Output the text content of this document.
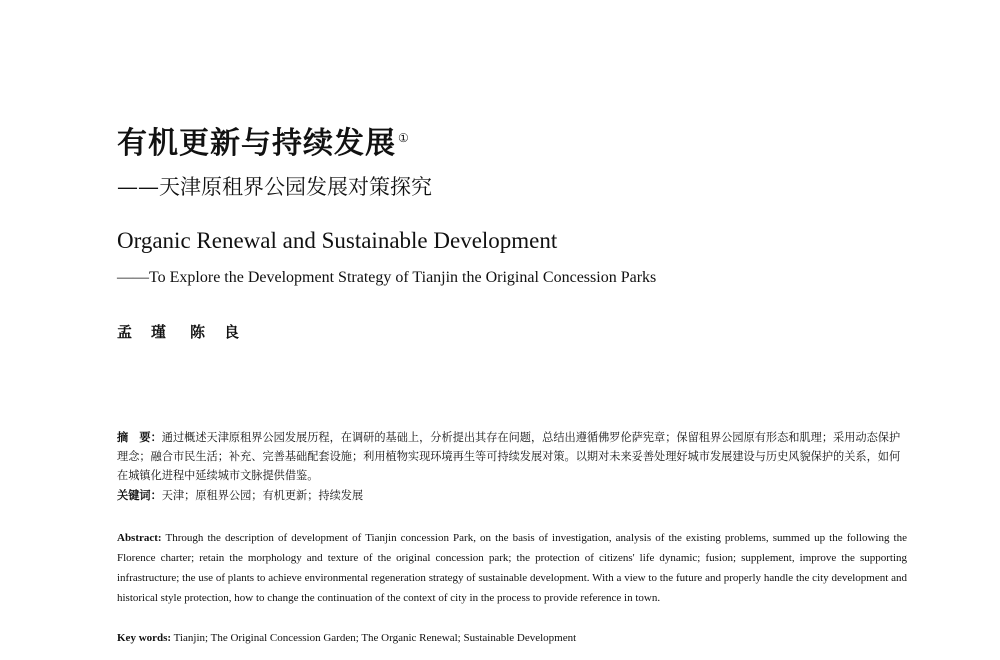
有机更新与持续发展 ①
——天津原租界公园发展对策探究
Organic Renewal and Sustainable Development
——To Explore the Development Strategy of Tianjin the Original Concession Parks
孟　瑾 陈　良
摘　要：通过概述天津原租界公园发展历程，在调研的基础上，分析提出其存在问题，总结出遵循佛罗伦萨宪章；保留租界公园原有形态和肌理；采用动态保护理念；融合市民生活；补充、完善基础配套设施；利用植物实现环境再生等可持续发展对策。以期对未来妥善处理好城市发展建设与历史风貌保护的关系，如何在城镇化进程中延续城市文脉提供借鉴。
关键词：天津；原租界公园；有机更新；持续发展
Abstract: Through the description of development of Tianjin concession Park, on the basis of investigation, analysis of the existing problems, summed up the following the Florence charter; retain the morphology and texture of the original concession park; the protection of citizens' life dynamic; fusion; supplement, improve the supporting infrastructure; the use of plants to achieve environmental regeneration strategy of sustainable development. With a view to the future and properly handle the city development and historical style protection, how to change the continuation of the context of city in the process to provide reference in town.
Key words: Tianjin; The Original Concession Garden; The Organic Renewal; Sustainable Development
